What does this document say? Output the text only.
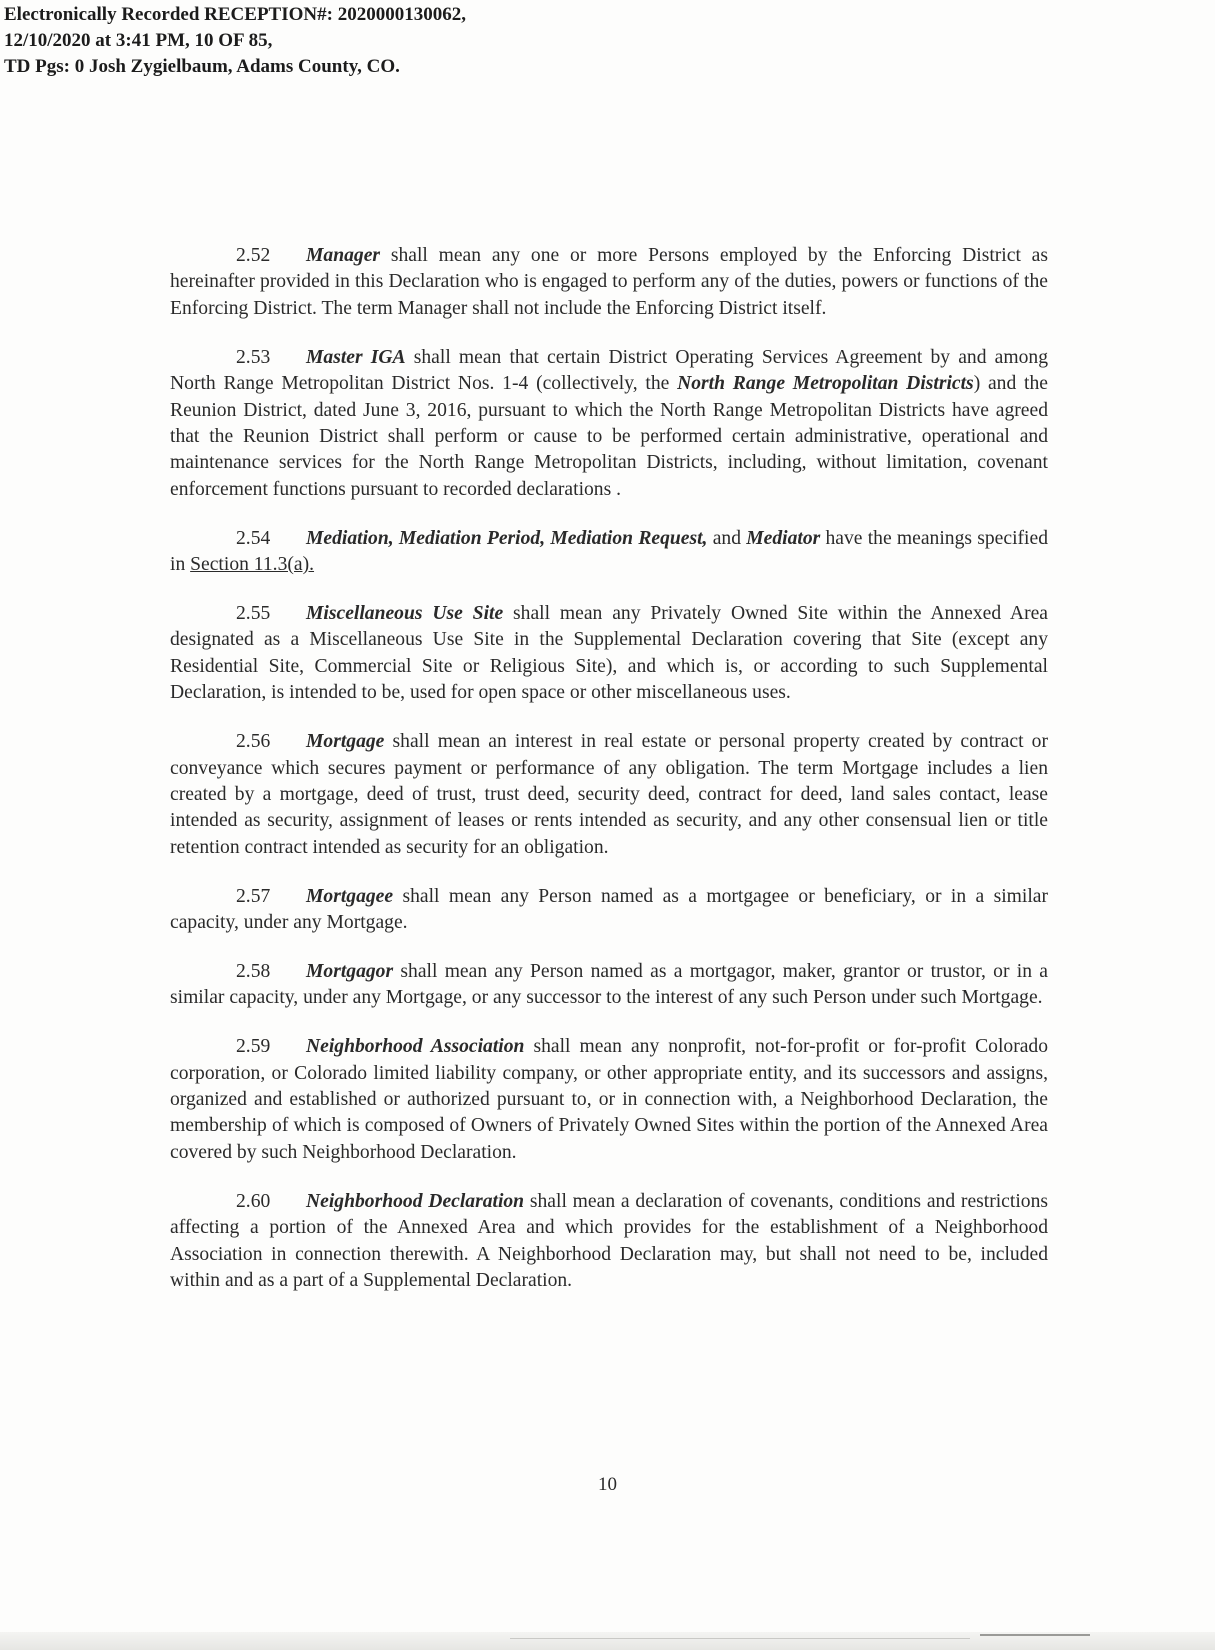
Electronically Recorded RECEPTION#: 2020000130062,
12/10/2020 at 3:41 PM, 10 OF 85,
TD Pgs: 0 Josh Zygielbaum, Adams County, CO.

2.52 Manager shall mean any one or more Persons employed by the Enforcing District as hereinafter provided in this Declaration who is engaged to perform any of the duties, powers or functions of the Enforcing District. The term Manager shall not include the Enforcing District itself.

2.53 Master IGA shall mean that certain District Operating Services Agreement by and among North Range Metropolitan District Nos. 1-4 (collectively, the North Range Metropolitan Districts) and the Reunion District, dated June 3, 2016, pursuant to which the North Range Metropolitan Districts have agreed that the Reunion District shall perform or cause to be performed certain administrative, operational and maintenance services for the North Range Metropolitan Districts, including, without limitation, covenant enforcement functions pursuant to recorded declarations .

2.54 Mediation, Mediation Period, Mediation Request, and Mediator have the meanings specified in Section 11.3(a).

2.55 Miscellaneous Use Site shall mean any Privately Owned Site within the Annexed Area designated as a Miscellaneous Use Site in the Supplemental Declaration covering that Site (except any Residential Site, Commercial Site or Religious Site), and which is, or according to such Supplemental Declaration, is intended to be, used for open space or other miscellaneous uses.

2.56 Mortgage shall mean an interest in real estate or personal property created by contract or conveyance which secures payment or performance of any obligation. The term Mortgage includes a lien created by a mortgage, deed of trust, trust deed, security deed, contract for deed, land sales contact, lease intended as security, assignment of leases or rents intended as security, and any other consensual lien or title retention contract intended as security for an obligation.

2.57 Mortgagee shall mean any Person named as a mortgagee or beneficiary, or in a similar capacity, under any Mortgage.

2.58 Mortgagor shall mean any Person named as a mortgagor, maker, grantor or trustor, or in a similar capacity, under any Mortgage, or any successor to the interest of any such Person under such Mortgage.

2.59 Neighborhood Association shall mean any nonprofit, not-for-profit or for-profit Colorado corporation, or Colorado limited liability company, or other appropriate entity, and its successors and assigns, organized and established or authorized pursuant to, or in connection with, a Neighborhood Declaration, the membership of which is composed of Owners of Privately Owned Sites within the portion of the Annexed Area covered by such Neighborhood Declaration.

2.60 Neighborhood Declaration shall mean a declaration of covenants, conditions and restrictions affecting a portion of the Annexed Area and which provides for the establishment of a Neighborhood Association in connection therewith. A Neighborhood Declaration may, but shall not need to be, included within and as a part of a Supplemental Declaration.

10
